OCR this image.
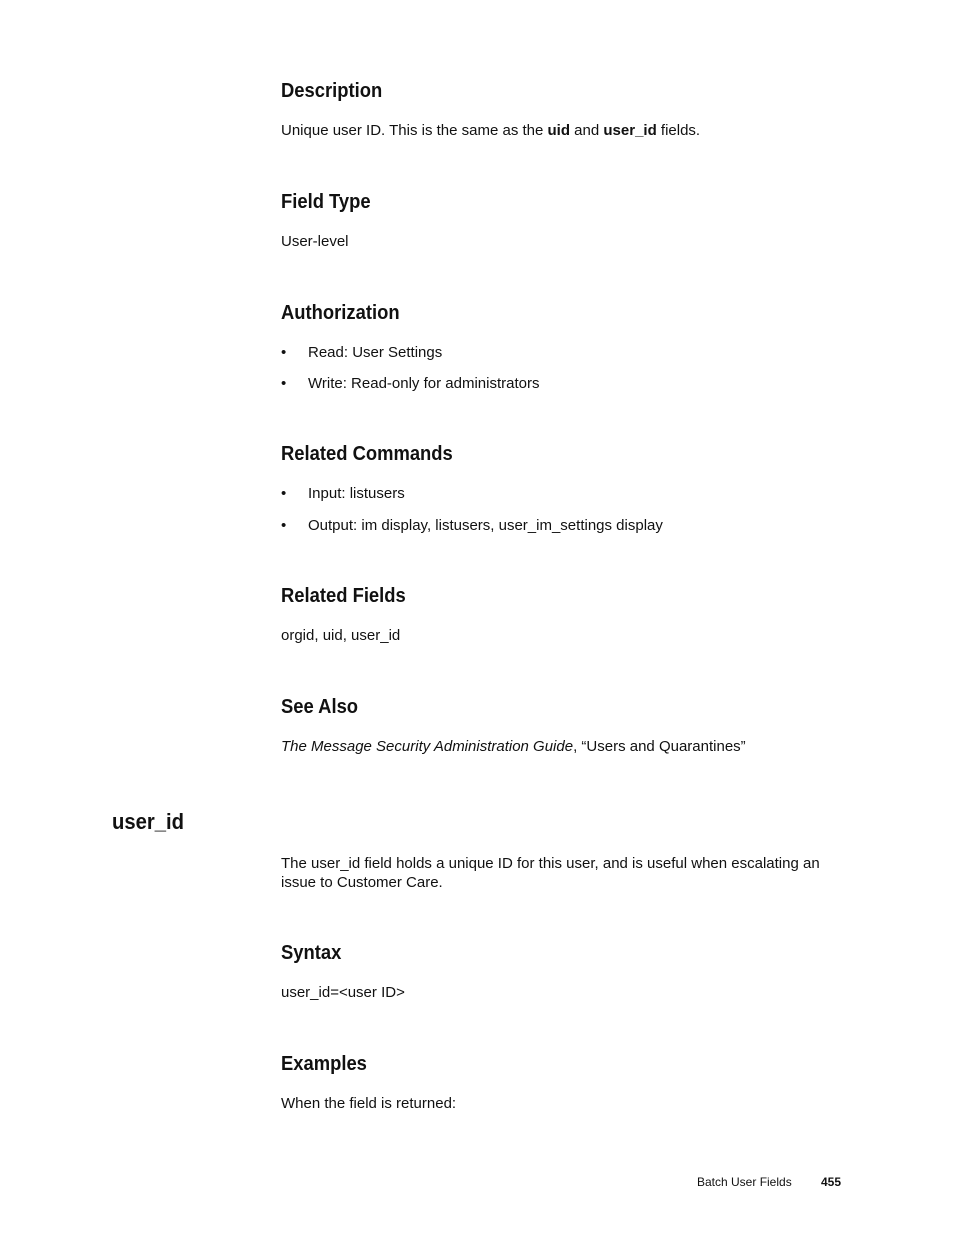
Description

Unique user ID. This is the same as the uid and user_id fields.

Field Type

User-level

Authorization
• Read: User Settings
• Write: Read-only for administrators
Related Commands
• Input: listusers
• Output: im display, listusers, user_im_settings display
Related Fields

orgid, uid, user_id

See Also

The Message Security Administration Guide, “Users and Quarantines”

user_id

The user_id field holds a unique ID for this user, and is useful when escalating an

issue to Customer Care.

Syntax

user_id=<user ID>

Examples

When the field is returned:

Batch User Fields 455
